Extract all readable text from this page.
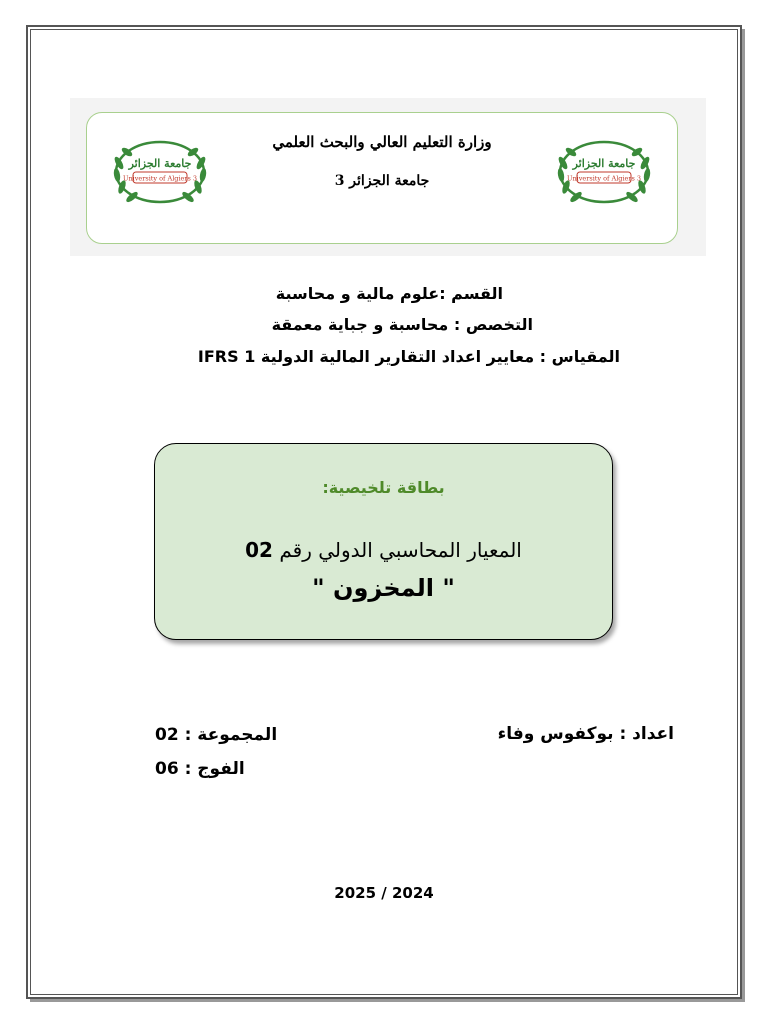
جامعة الجزائر
University of Algiers 3
وزارة التعليم العالي والبحث العلمي
جامعة الجزائر 3
جامعة الجزائر
University of Algiers 3
القسم :علوم مالية و محاسبة
التخصص : محاسبة و جباية معمقة
المقياس : معايير اعداد التقارير المالية الدولية IFRS 1
بطاقة تلخيصية:
المعيار المحاسبي الدولي رقم 02
" المخزون "
اعداد : بوكفوس وفاء
المجموعة : 02
الفوج : 06
2025 / 2024
